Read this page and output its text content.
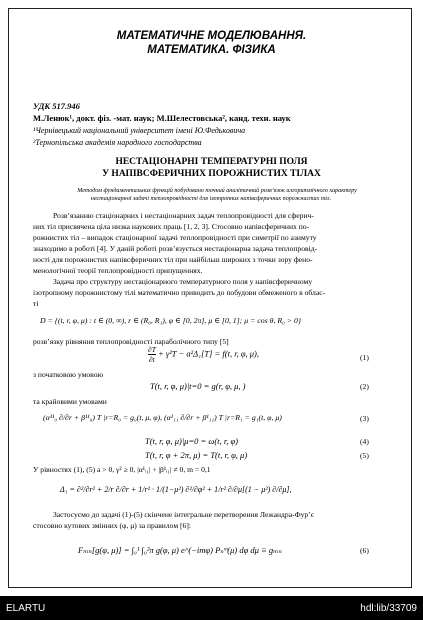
МАТЕМАТИЧНЕ МОДЕЛЮВАННЯ.
МАТЕМАТИКА. ФІЗИКА
УДК 517.946
М.Ленюк¹, докт. фіз. -мат. наук; М.Шелестовська², канд. техн. наук
¹Чернівецький національний університет імені Ю.Федьковича
²Тернопільська академія народного господарства
НЕСТАЦІОНАРНІ ТЕМПЕРАТУРНІ ПОЛЯ
У НАПІВСФЕРИЧНИХ ПОРОЖНИСТИХ ТІЛАХ
Методом фундаментальних функцій побудовано точний аналітичний розв’язок алгоритмічного характеру нестаціонарної задачі теплопровідності для ізотропних напівсферичних порожнистих тіл.
Розв’язанню стаціонарних і нестаціонарних задач теплопровідності для сферич-
них тіл присвячена ціла низка наукових праць [1, 2, 3]. Стосовно напівсферичних по-
рожнистих тіл – випадок стаціонарної задачі теплопровідності при симетрії по азимуту
знаходимо в роботі [4]. У даній роботі розв’язується нестаціонарна задача теплопровід-
ності для порожнистих напівсферичних тіл при найбільш широких з точки зору фено-
менологічної теорії теплопровідності припущеннях.
Задача про структуру нестаціонарного температурного поля у напівсферичному
ізотропному порожнистому тілі математично приводить до побудови обмеженого в облас-
ті
D = {(t, r, φ, μ) : t ∈ (0, ∞), r ∈ (R₀, R₁), φ ∈ [0, 2π], μ ∈ [0, 1]; μ = cos θ, R₀ > 0}
розв’язку рівняння теплопровідності параболічного типу [5]
$\frac{\partial T}{\partial t} + \gamma^2T - a^2\Delta_1[T] = f(t$, r, φ, μ),	(1)
з початковою умовою
T(t, r, φ, μ)|t=0 = g(r, φ, μ, )	(2)
та крайовими умовами
(α¹¹₀ ∂/∂r + β¹¹₀) T |r=R₀ = g₀(t, μ, φ), (α¹₁₁ ∂/∂r + β¹₁₁) T |r=R₁ = g₁(t, φ, μ)	(3)
T(t, r, φ, μ)|μ=0 = ω(t, r, φ)	(4)
T(t, r, φ + 2π, μ) = T(t, r, φ, μ)	(5)
У рівностях (1), (5) a > 0, γ² ≥ 0, |α¹ᵢ₁| + |β¹ᵢ₁| ≠ 0, m = 0,1
Δ₁ = ∂²/∂r² + 2/r ∂/∂r + 1/r² · 1/(1−μ²) ∂²/∂φ² + 1/r² ∂/∂μ[(1 − μ²) ∂/∂μ],
Застосуємо до задачі (1)-(5) скінчене інтегральне перетворення Лежандра-Фур’є
стосовно кутових змінних (φ, μ) за правилом [6]:
Fₘₙ[g(φ, μ)] = ∫₀¹ ∫₀²π g(φ, μ) e^(−imφ) Pₙᵐ(μ) dφ dμ ≡ gₘₙ	(6)
ELARTU	hdl:lib/33709
